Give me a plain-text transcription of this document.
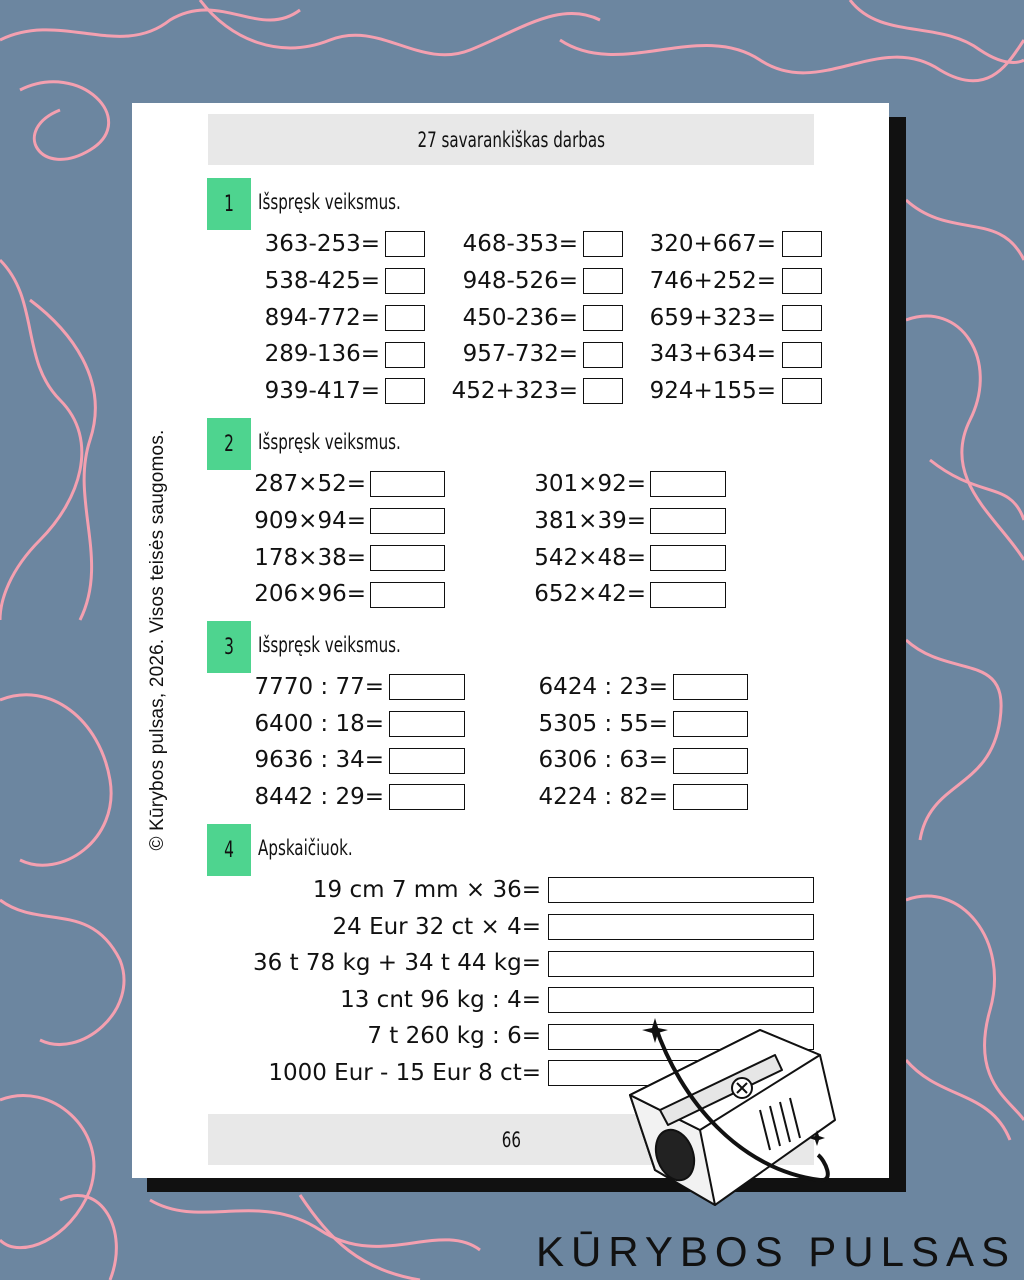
© Kūrybos pulsas, 2026. Visos teisės saugomos.
27 savarankiškas darbas
1 Išspręsk veiksmus.
2 Išspręsk veiksmus.
3 Išspręsk veiksmus.
4 Apskaičiuok.
363-253=	468-353=	320+667=
538-425=	948-526=	746+252=
894-772=	450-236=	659+323=
289-136=	957-732=	343+634=
939-417=	452+323=	924+155=
287×52=	301×92=
909×94=	381×39=
178×38=	542×48=
206×96=	652×42=
7770 : 77=	6424 : 23=
6400 : 18=	5305 : 55=
9636 : 34=	6306 : 63=
8442 : 29=	4224 : 82=
19 cm 7 mm × 36=
24 Eur 32 ct × 4=
36 t 78 kg + 34 t 44 kg=
13 cnt 96 kg : 4=
7 t 260 kg : 6=
1000 Eur - 15 Eur 8 ct=
66
KŪRYBOS PULSAS
